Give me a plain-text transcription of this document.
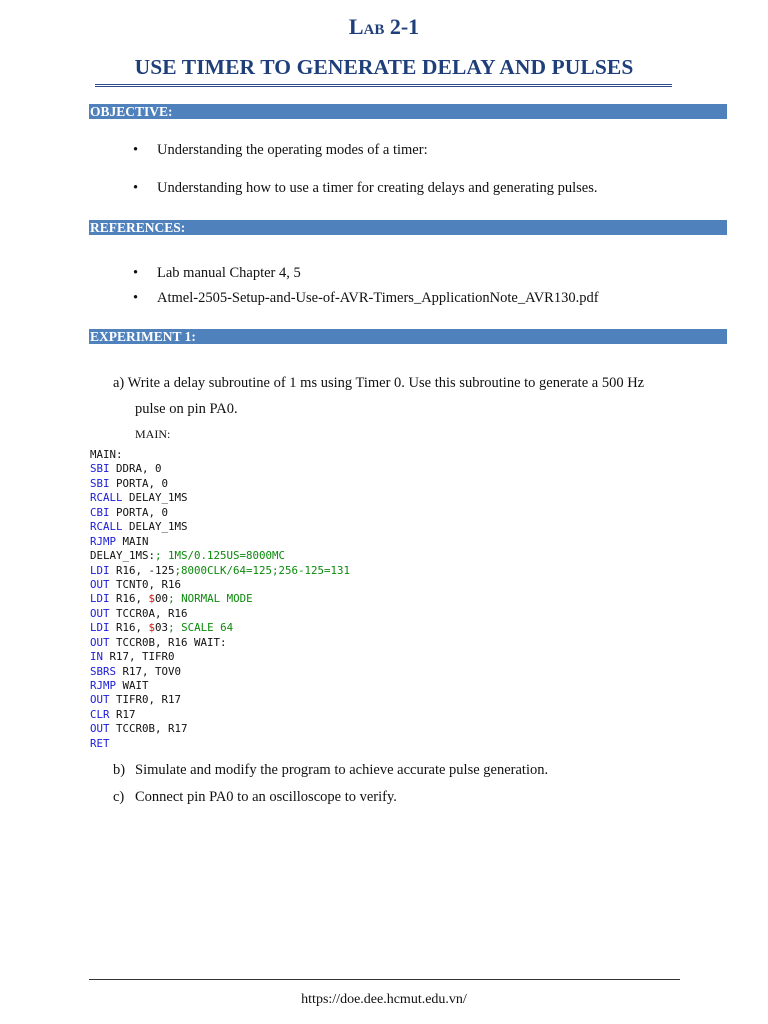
Lab 2-1
USE TIMER TO GENERATE DELAY AND PULSES
OBJECTIVE:
• Understanding the operating modes of a timer:
• Understanding how to use a timer for creating delays and generating pulses.
REFERENCES:
• Lab manual Chapter 4, 5
• Atmel-2505-Setup-and-Use-of-AVR-Timers_ApplicationNote_AVR130.pdf
EXPERIMENT 1:
a) Write a delay subroutine of 1 ms using Timer 0. Use this subroutine to generate a 500 Hz
pulse on pin PA0.
MAIN:
MAIN:
SBI DDRA, 0
SBI PORTA, 0
RCALL DELAY_1MS
CBI PORTA, 0
RCALL DELAY_1MS
RJMP MAIN
DELAY_1MS:; 1MS/0.125US=8000MC
LDI R16, -125;8000CLK/64=125;256-125=131
OUT TCNT0, R16
LDI R16, $00; NORMAL MODE
OUT TCCR0A, R16
LDI R16, $03; SCALE 64
OUT TCCR0B, R16 WAIT:
IN R17, TIFR0
SBRS R17, TOV0
RJMP WAIT
OUT TIFR0, R17
CLR R17
OUT TCCR0B, R17
RET
b) Simulate and modify the program to achieve accurate pulse generation.
c) Connect pin PA0 to an oscilloscope to verify.
https://doe.dee.hcmut.edu.vn/
